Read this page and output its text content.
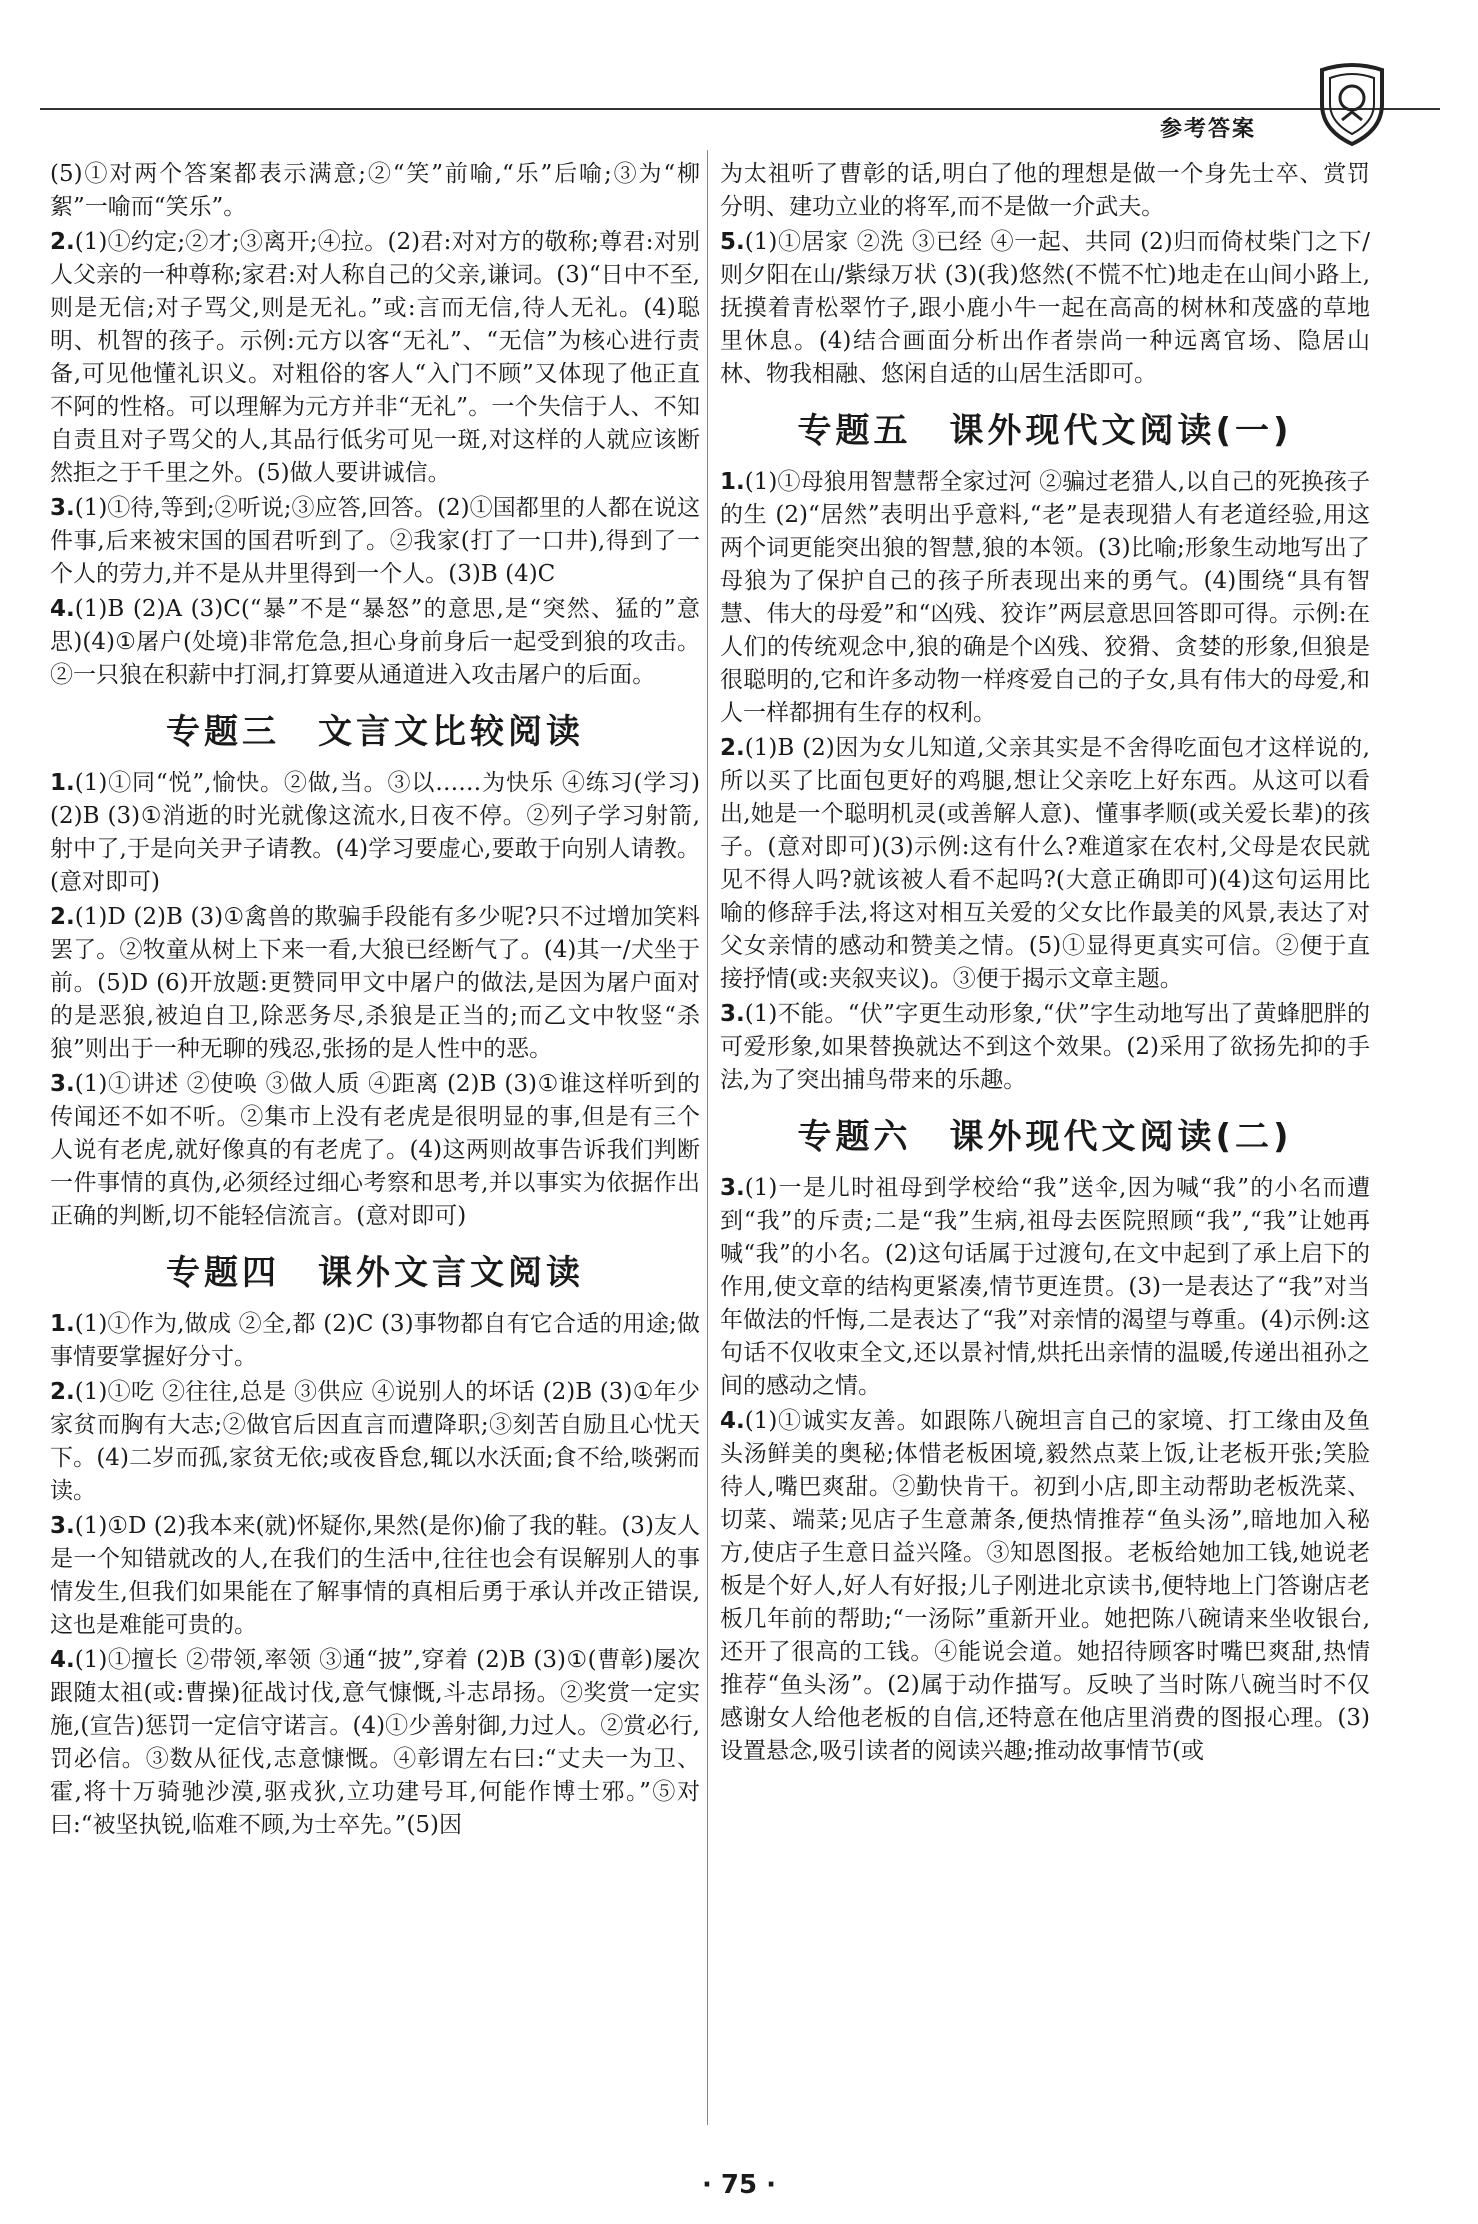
参考答案

(5)①对两个答案都表示满意;②“笑”前喻,“乐”后喻;③为“柳絮”一喻而“笑乐”。

2.(1)①约定;②才;③离开;④拉。(2)君:对对方的敬称;尊君:对别人父亲的一种尊称;家君:对人称自己的父亲,谦词。(3)“日中不至,则是无信;对子骂父,则是无礼。”或:言而无信,待人无礼。(4)聪明、机智的孩子。示例:元方以客“无礼”、“无信”为核心进行责备,可见他懂礼识义。对粗俗的客人“入门不顾”又体现了他正直不阿的性格。可以理解为元方并非“无礼”。一个失信于人、不知自责且对子骂父的人,其品行低劣可见一斑,对这样的人就应该断然拒之于千里之外。(5)做人要讲诚信。

3.(1)①待,等到;②听说;③应答,回答。(2)①国都里的人都在说这件事,后来被宋国的国君听到了。②我家(打了一口井),得到了一个人的劳力,并不是从井里得到一个人。(3)B (4)C

4.(1)B (2)A (3)C(“暴”不是“暴怒”的意思,是“突然、猛的”意思)(4)①屠户(处境)非常危急,担心身前身后一起受到狼的攻击。②一只狼在积薪中打洞,打算要从通道进入攻击屠户的后面。

专题三　文言文比较阅读

1.(1)①同“悦”,愉快。②做,当。③以……为快乐 ④练习(学习)(2)B (3)①消逝的时光就像这流水,日夜不停。②列子学习射箭,射中了,于是向关尹子请教。(4)学习要虚心,要敢于向别人请教。(意对即可)

2.(1)D (2)B (3)①禽兽的欺骗手段能有多少呢?只不过增加笑料罢了。②牧童从树上下来一看,大狼已经断气了。(4)其一/犬坐于前。(5)D (6)开放题:更赞同甲文中屠户的做法,是因为屠户面对的是恶狼,被迫自卫,除恶务尽,杀狼是正当的;而乙文中牧竖“杀狼”则出于一种无聊的残忍,张扬的是人性中的恶。

3.(1)①讲述 ②使唤 ③做人质 ④距离 (2)B (3)①谁这样听到的传闻还不如不听。②集市上没有老虎是很明显的事,但是有三个人说有老虎,就好像真的有老虎了。(4)这两则故事告诉我们判断一件事情的真伪,必须经过细心考察和思考,并以事实为依据作出正确的判断,切不能轻信流言。(意对即可)

专题四　课外文言文阅读

1.(1)①作为,做成 ②全,都 (2)C (3)事物都自有它合适的用途;做事情要掌握好分寸。

2.(1)①吃 ②往往,总是 ③供应 ④说别人的坏话 (2)B (3)①年少家贫而胸有大志;②做官后因直言而遭降职;③刻苦自励且心忧天下。(4)二岁而孤,家贫无依;或夜昏怠,辄以水沃面;食不给,啖粥而读。

3.(1)①D (2)我本来(就)怀疑你,果然(是你)偷了我的鞋。(3)友人是一个知错就改的人,在我们的生活中,往往也会有误解别人的事情发生,但我们如果能在了解事情的真相后勇于承认并改正错误,这也是难能可贵的。

4.(1)①擅长 ②带领,率领 ③通“披”,穿着 (2)B (3)①(曹彰)屡次跟随太祖(或:曹操)征战讨伐,意气慷慨,斗志昂扬。②奖赏一定实施,(宣告)惩罚一定信守诺言。(4)①少善射御,力过人。②赏必行,罚必信。③数从征伐,志意慷慨。④彰谓左右曰:“丈夫一为卫、霍,将十万骑驰沙漠,驱戎狄,立功建号耳,何能作博士邪。”⑤对曰:“被坚执锐,临难不顾,为士卒先。”(5)因

为太祖听了曹彰的话,明白了他的理想是做一个身先士卒、赏罚分明、建功立业的将军,而不是做一介武夫。

5.(1)①居家 ②洗 ③已经 ④一起、共同 (2)归而倚杖柴门之下/则夕阳在山/紫绿万状 (3)(我)悠然(不慌不忙)地走在山间小路上,抚摸着青松翠竹子,跟小鹿小牛一起在高高的树林和茂盛的草地里休息。(4)结合画面分析出作者崇尚一种远离官场、隐居山林、物我相融、悠闲自适的山居生活即可。

专题五　课外现代文阅读(一)

1.(1)①母狼用智慧帮全家过河 ②骗过老猎人,以自己的死换孩子的生 (2)“居然”表明出乎意料,“老”是表现猎人有老道经验,用这两个词更能突出狼的智慧,狼的本领。(3)比喻;形象生动地写出了母狼为了保护自己的孩子所表现出来的勇气。(4)围绕“具有智慧、伟大的母爱”和“凶残、狡诈”两层意思回答即可得。示例:在人们的传统观念中,狼的确是个凶残、狡猾、贪婪的形象,但狼是很聪明的,它和许多动物一样疼爱自己的子女,具有伟大的母爱,和人一样都拥有生存的权利。

2.(1)B (2)因为女儿知道,父亲其实是不舍得吃面包才这样说的,所以买了比面包更好的鸡腿,想让父亲吃上好东西。从这可以看出,她是一个聪明机灵(或善解人意)、懂事孝顺(或关爱长辈)的孩子。(意对即可)(3)示例:这有什么?难道家在农村,父母是农民就见不得人吗?就该被人看不起吗?(大意正确即可)(4)这句运用比喻的修辞手法,将这对相互关爱的父女比作最美的风景,表达了对父女亲情的感动和赞美之情。(5)①显得更真实可信。②便于直接抒情(或:夹叙夹议)。③便于揭示文章主题。

3.(1)不能。“伏”字更生动形象,“伏”字生动地写出了黄蜂肥胖的可爱形象,如果替换就达不到这个效果。(2)采用了欲扬先抑的手法,为了突出捕鸟带来的乐趣。

专题六　课外现代文阅读(二)

3.(1)一是儿时祖母到学校给“我”送伞,因为喊“我”的小名而遭到“我”的斥责;二是“我”生病,祖母去医院照顾“我”,“我”让她再喊“我”的小名。(2)这句话属于过渡句,在文中起到了承上启下的作用,使文章的结构更紧凑,情节更连贯。(3)一是表达了“我”对当年做法的忏悔,二是表达了“我”对亲情的渴望与尊重。(4)示例:这句话不仅收束全文,还以景衬情,烘托出亲情的温暖,传递出祖孙之间的感动之情。

4.(1)①诚实友善。如跟陈八碗坦言自己的家境、打工缘由及鱼头汤鲜美的奥秘;体惜老板困境,毅然点菜上饭,让老板开张;笑脸待人,嘴巴爽甜。②勤快肯干。初到小店,即主动帮助老板洗菜、切菜、端菜;见店子生意萧条,便热情推荐“鱼头汤”,暗地加入秘方,使店子生意日益兴隆。③知恩图报。老板给她加工钱,她说老板是个好人,好人有好报;儿子刚进北京读书,便特地上门答谢店老板几年前的帮助;“一汤际”重新开业。她把陈八碗请来坐收银台,还开了很高的工钱。④能说会道。她招待顾客时嘴巴爽甜,热情推荐“鱼头汤”。(2)属于动作描写。反映了当时陈八碗当时不仅感谢女人给他老板的自信,还特意在他店里消费的图报心理。(3)设置悬念,吸引读者的阅读兴趣;推动故事情节(或

· 75 ·
